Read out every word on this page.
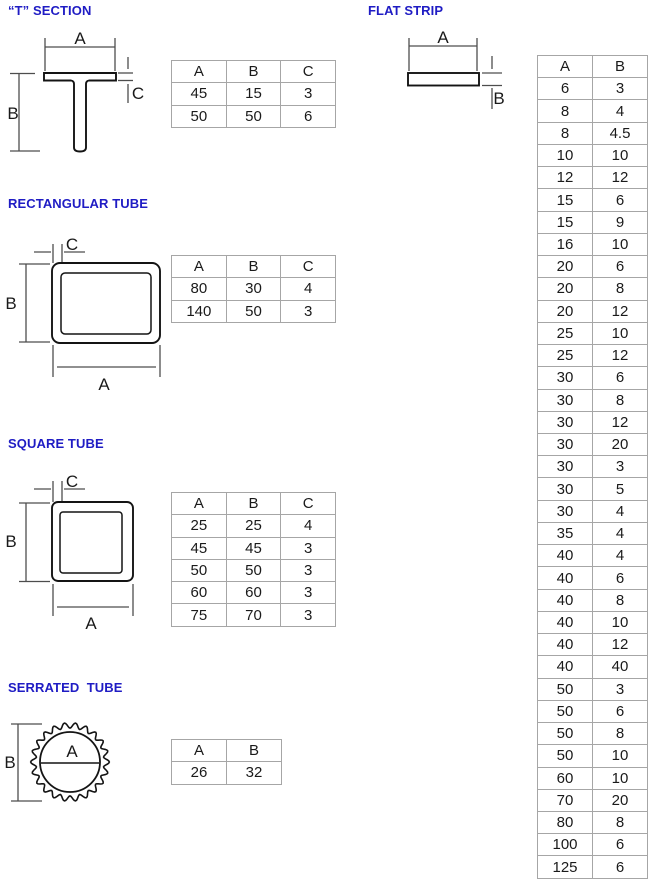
“T” SECTION
A
B
C
A	B	C
45	15	3
50	50	6
FLAT STRIP
A
B
A	B
6	3
8	4
8	4.5
10	10
12	12
15	6
15	9
16	10
20	6
20	8
20	12
25	10
25	12
30	6
30	8
30	12
30	20
30	3
30	5
30	4
35	4
40	4
40	6
40	8
40	10
40	12
40	40
50	3
50	6
50	8
50	10
60	10
70	20
80	8
100	6
125	6
RECTANGULAR TUBE
C
B
A
A	B	C
80	30	4
140	50	3
SQUARE TUBE
C
B
A
A	B	C
25	25	4
45	45	3
50	50	3
60	60	3
75	70	3
SERRATED  TUBE
A
B
A	B
26	32
